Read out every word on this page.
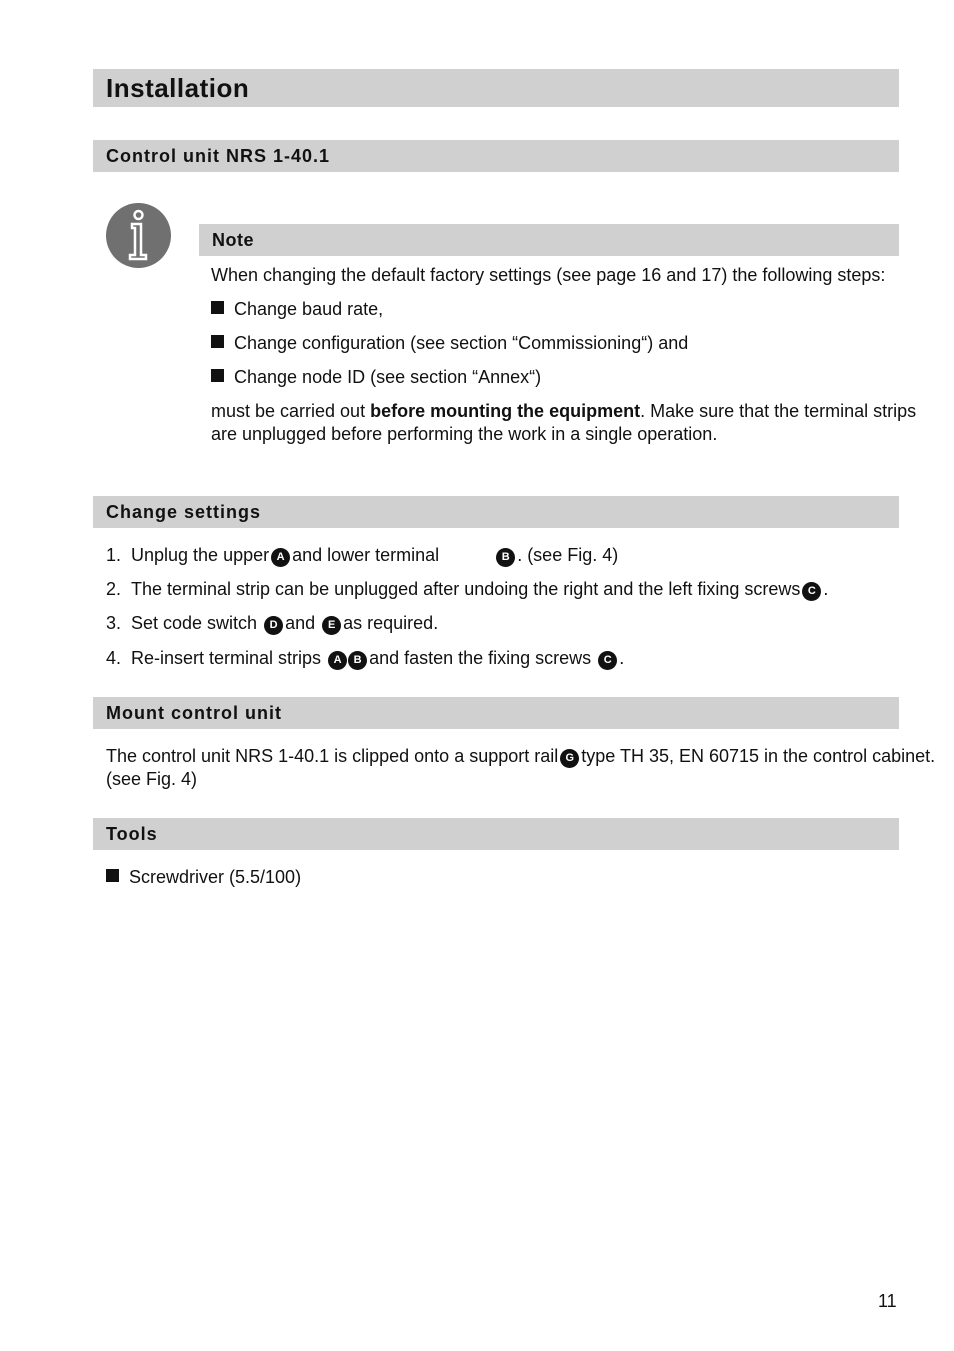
Installation
Control unit NRS 1-40.1
Note
When changing the default factory settings (see page 16 and 17) the following steps:
Change baud rate,
Change configuration (see section “Commissioning“) and
Change node ID (see section “Annex“)
must be carried out before mounting the equipment. Make sure that the terminal strips
are unplugged before performing the work in a single operation.
Change settings
1. Unplug the upper A and lower terminal	B . (see Fig. 4)
2. The terminal strip can be unplugged after undoing the right and the left fixing screws C .
3. Set code switch D and E as required.
4. Re-insert terminal strips A B and fasten the fixing screws C .
Mount control unit
The control unit NRS 1-40.1 is clipped onto a support rail G type TH 35, EN 60715 in the control cabinet.
(see Fig. 4)
Tools
Screwdriver (5.5/100)
11
